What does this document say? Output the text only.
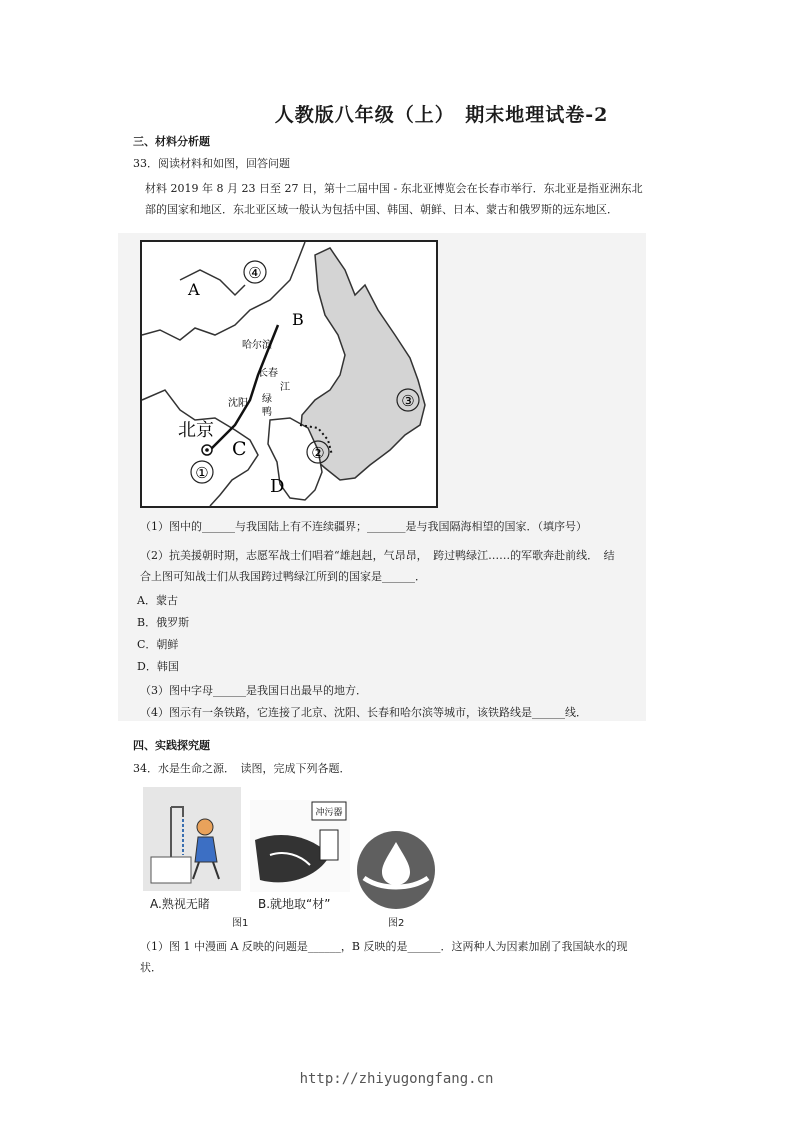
人教版八年级（上）　期末地理试卷-2
三、材料分析题
33．阅读材料和如图，回答问题
材料 2019 年 8 月 23 日至 27 日，第十二届中国 - 东北亚博览会在长春市举行．东北亚是指亚洲东北
部的国家和地区．东北亚区域一般认为包括中国、韩国、朝鲜、日本、蒙古和俄罗斯的远东地区．
④
A
B
哈尔滨
长春
江
绿
鸭
沈阳
北京
C
①
②
③
D
（1）图中的______与我国陆上有不连续疆界；_______是与我国隔海相望的国家．（填序号）
（2）抗美援朝时期，志愿军战士们唱着“雄赳赳，气昂昂，　跨过鸭绿江……的军歌奔赴前线．　结
合上图可知战士们从我国跨过鸭绿江所到的国家是______．
A．蒙古
B．俄罗斯
C．朝鲜
D．韩国
（3）图中字母______是我国日出最早的地方．
（4）图示有一条铁路，它连接了北京、沈阳、长春和哈尔滨等城市，该铁路线是______线．
四、实践探究题
34．水是生命之源．　读图，完成下列各题．
A.熟视无睹
冲污器
B.就地取“材”
图1	图2
（1）图 1 中漫画 A 反映的问题是______，B 反映的是______．这两种人为因素加剧了我国缺水的现
状．
http://zhiyugongfang.cn
